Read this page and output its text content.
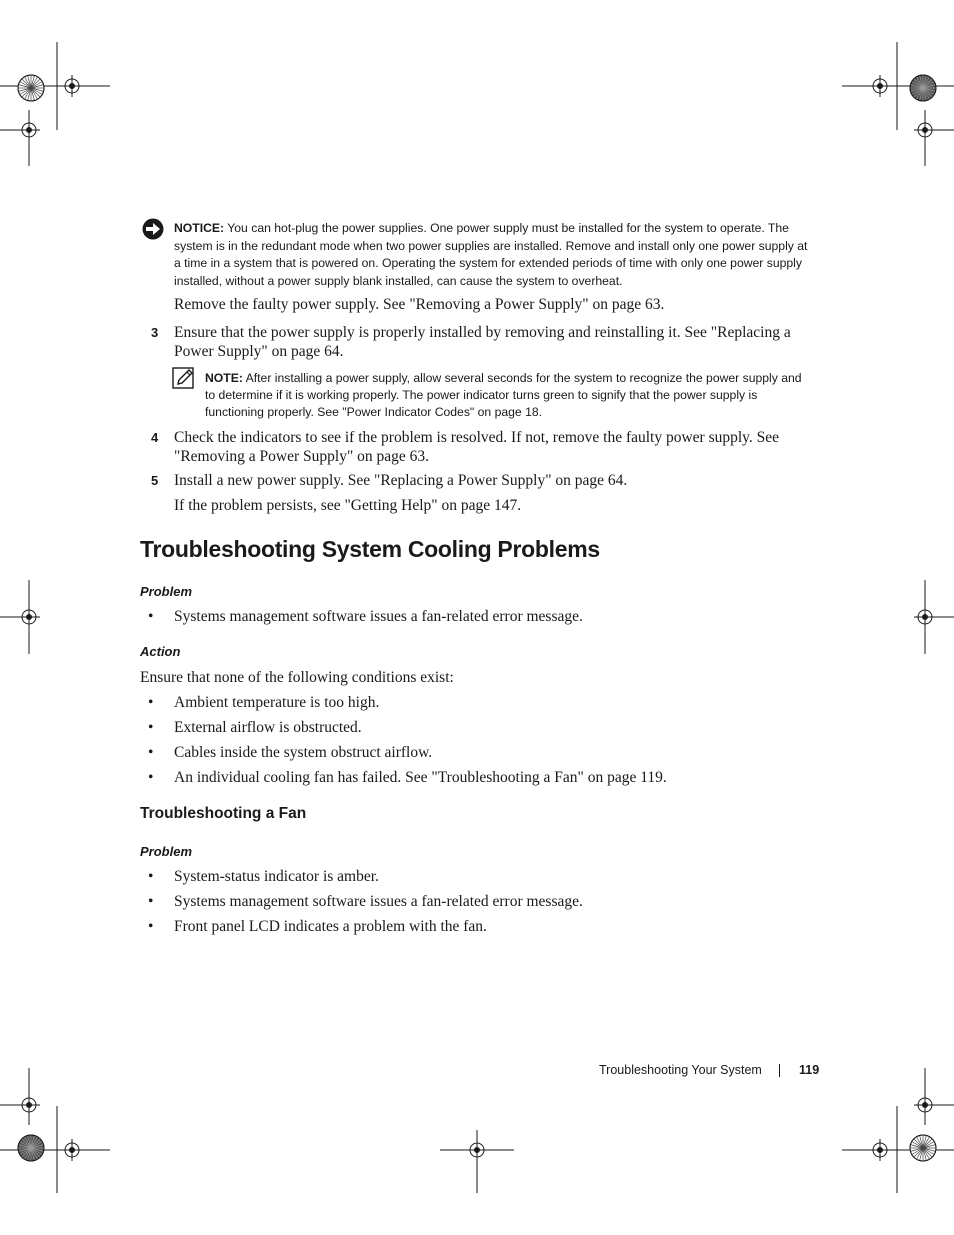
NOTICE: You can hot-plug the power supplies. One power supply must be installed for the system to operate. The system is in the redundant mode when two power supplies are installed. Remove and install only one power supply at a time in a system that is powered on. Operating the system for extended periods of time with only one power supply installed, without a power supply blank installed, can cause the system to overheat.
Remove the faulty power supply. See "Removing a Power Supply" on page 63.
3 Ensure that the power supply is properly installed by removing and reinstalling it. See "Replacing a Power Supply" on page 64.
NOTE: After installing a power supply, allow several seconds for the system to recognize the power supply and to determine if it is working properly. The power indicator turns green to signify that the power supply is functioning properly. See "Power Indicator Codes" on page 18.
4 Check the indicators to see if the problem is resolved. If not, remove the faulty power supply. See "Removing a Power Supply" on page 63.
5 Install a new power supply. See "Replacing a Power Supply" on page 64.
If the problem persists, see "Getting Help" on page 147.
Troubleshooting System Cooling Problems
Problem
• Systems management software issues a fan-related error message.
Action
Ensure that none of the following conditions exist:
• Ambient temperature is too high.
• External airflow is obstructed.
• Cables inside the system obstruct airflow.
• An individual cooling fan has failed. See "Troubleshooting a Fan" on page 119.
Troubleshooting a Fan
Problem
• System-status indicator is amber.
• Systems management software issues a fan-related error message.
• Front panel LCD indicates a problem with the fan.
Troubleshooting Your System	119
